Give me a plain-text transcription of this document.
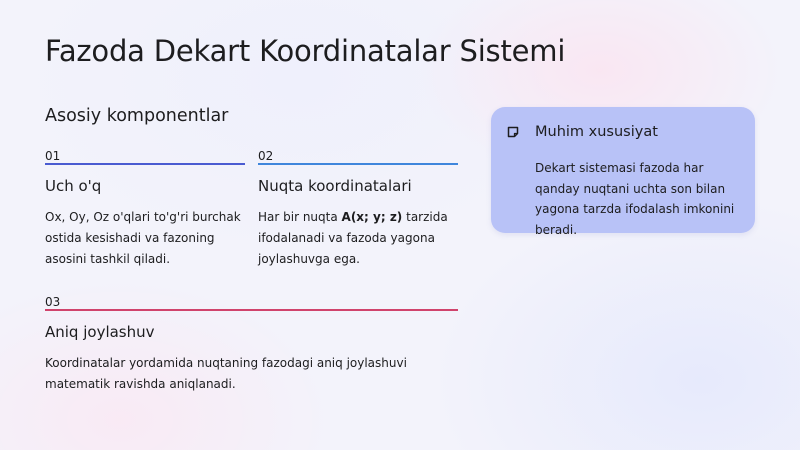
Fazoda Dekart Koordinatalar Sistemi
Asosiy komponentlar
01
Uch o'q
Ox, Oy, Oz o'qlari to'g'ri burchak ostida kesishadi va fazoning asosini tashkil qiladi.
02
Nuqta koordinatalari
Har bir nuqta A(x; y; z) tarzida ifodalanadi va fazoda yagona joylashuvga ega.
03
Aniq joylashuv
Koordinatalar yordamida nuqtaning fazodagi aniq joylashuvi matematik ravishda aniqlanadi.
Muhim xususiyat
Dekart sistemasi fazoda har qanday nuqtani uchta son bilan yagona tarzda ifodalash imkonini beradi.
